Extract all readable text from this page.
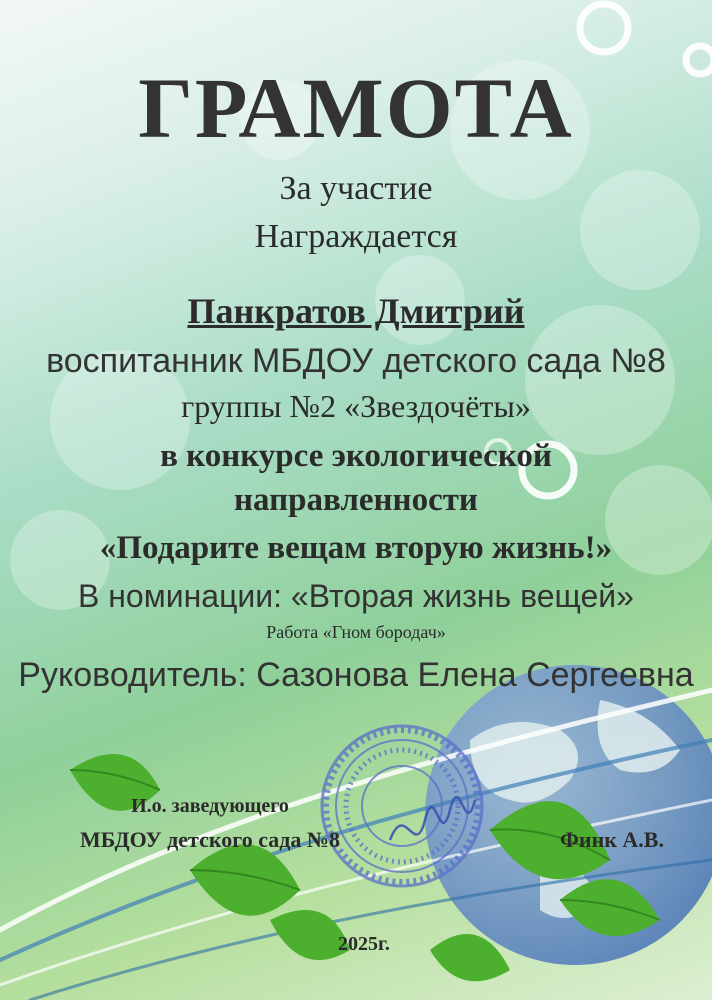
ГРАМОТА

За участие

Награждается

Панкратов Дмитрий

воспитанник МБДОУ детского сада №8

группы №2 «Звездочёты»

в конкурсе экологической

направленности

«Подарите вещам вторую жизнь!»

В номинации: «Вторая жизнь вещей»

Работа «Гном бородач»

Руководитель: Сазонова Елена Сергеевна

И.о. заведующего

МБДОУ детского сада №8	Финк А.В.

2025г.
